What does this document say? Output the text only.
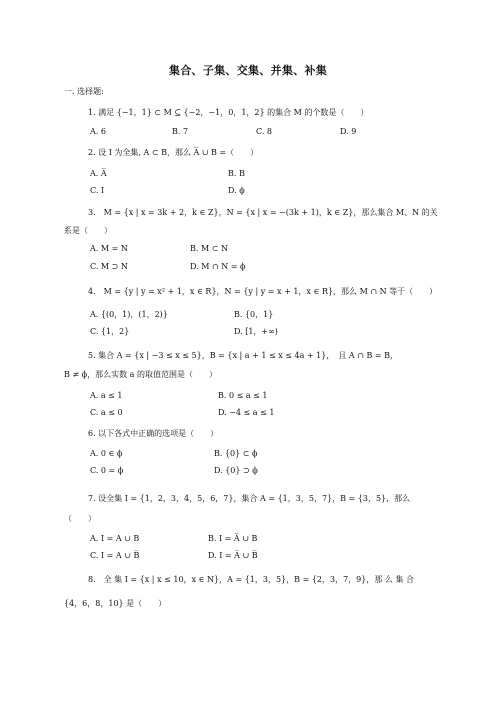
集合、子集、交集、并集、补集
一. 选择题:
1. 满足 {−1，1} ⊂ M ⊆ {−2，−1，0，1，2} 的集合 M 的个数是（　　）
A. 6	B. 7	C. 8	D. 9
2. 设 I 为全集, A ⊂ B，那么 A̅ ∪ B =（　　）
A. A̅	B. B
C. I	D. ϕ
3.　M = {x | x = 3k + 2，k ∈ Z}，N = {x | x = −(3k + 1)，k ∈ Z}，那么集合 M、N 的关
系是（　　）
A. M = N	B. M ⊂ N
C. M ⊃ N	D. M ∩ N = ϕ
4.　M = {y | y = x² + 1，x ∈ R}，N = {y | y = x + 1，x ∈ R}，那么 M ∩ N 等于（　　）
A. {(0，1)，(1，2)}	B. {0，1}
C. {1，2}	D. [1，+∞)
5. 集合 A = {x | −3 ≤ x ≤ 5}，B = {x | a + 1 ≤ x ≤ 4a + 1}，　且 A ∩ B = B，
B ≠ ϕ，那么实数 a 的取值范围是（　　）
A. a ≤ 1	B. 0 ≤ a ≤ 1
C. a ≤ 0	D. −4 ≤ a ≤ 1
6. 以下各式中正确的选项是（　　）
A. 0 ∈ ϕ	B. {0} ⊂ ϕ
C. 0 = ϕ	D. {0} ⊃ ϕ
7. 设全集 I = {1，2，3，4，5，6，7}，集合 A = {1，3，5，7}，B = {3，5}，那么
（　　）
A. I = A ∪ B	B. I = A̅ ∪ B
C. I = A ∪ B̅	D. I = A̅ ∪ B̅
8.　全 集 I = {x | x ≤ 10，x ∈ N}，A = {1，3，5}，B = {2，3，7，9}，那 么 集 合
{4，6，8，10} 是（　　）
